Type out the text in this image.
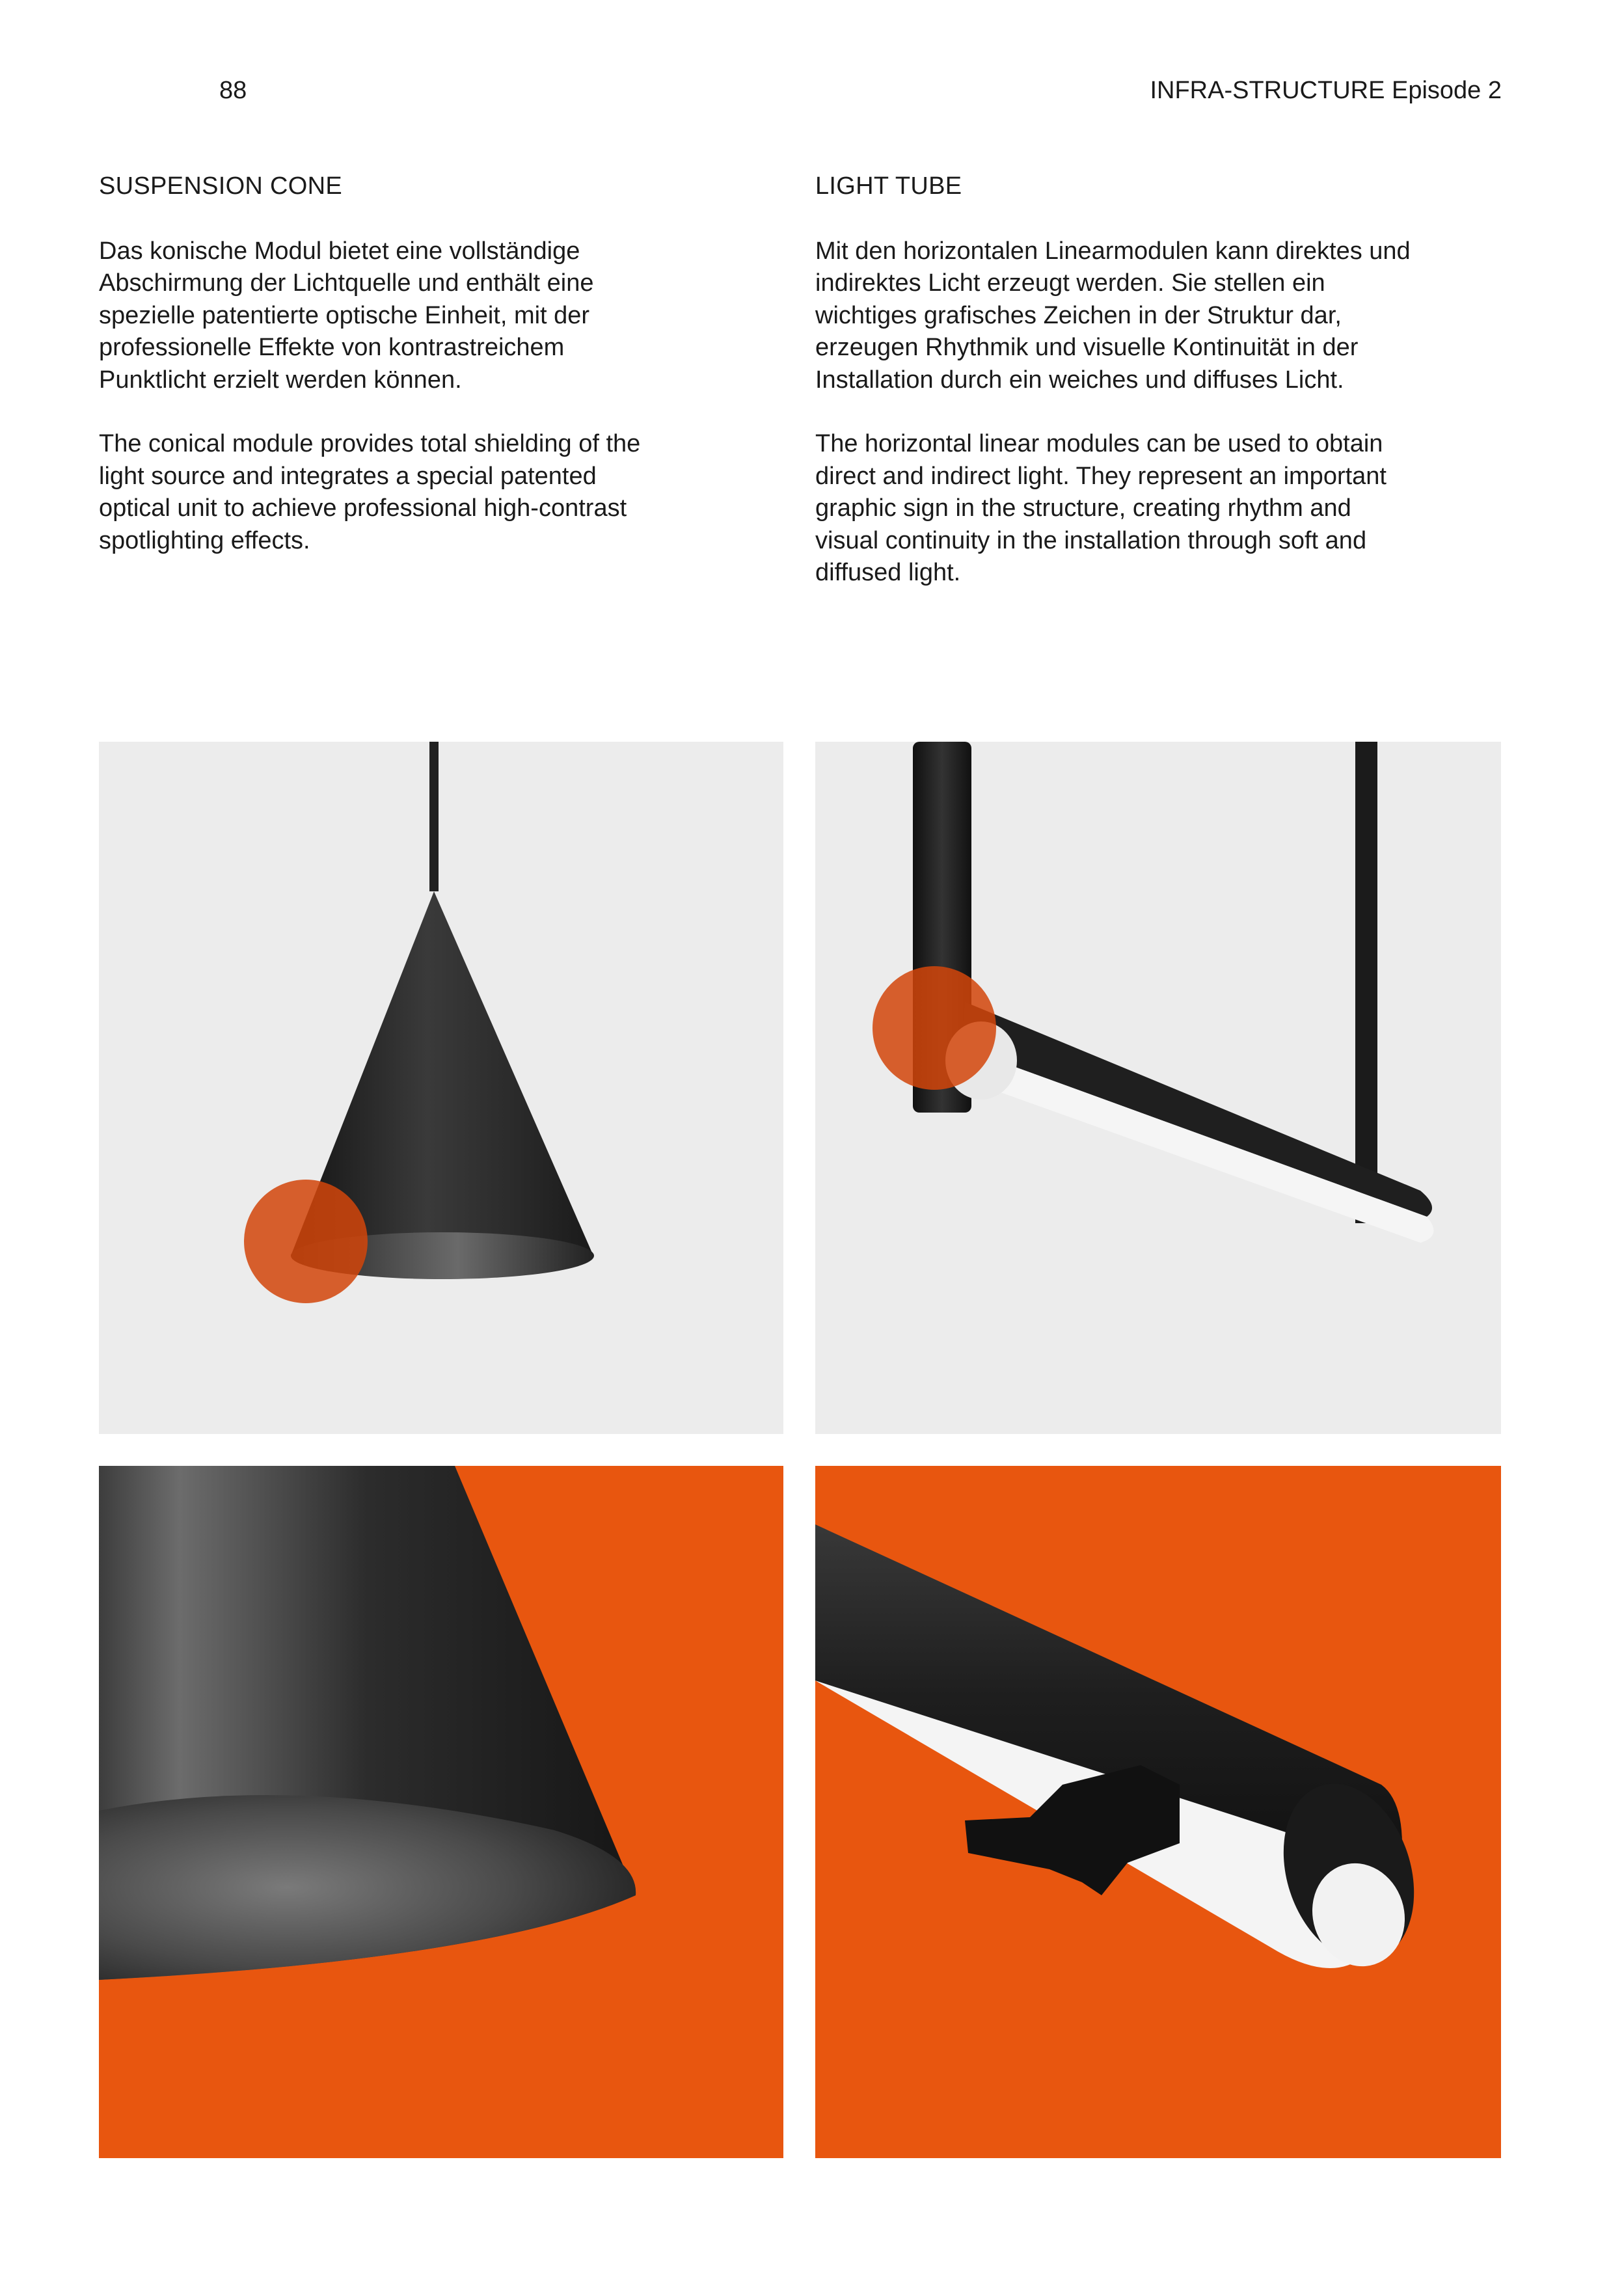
88	INFRA-STRUCTURE Episode 2
SUSPENSION CONE

Das konische Modul bietet eine vollständige Abschirmung der Lichtquelle und enthält eine spezielle patentierte optische Einheit, mit der professionelle Effekte von kontrastreichem Punktlicht erzielt werden können.

The conical module provides total shielding of the light source and integrates a special patented optical unit to achieve professional high-contrast spotlighting effects.

LIGHT TUBE

Mit den horizontalen Linearmodulen kann direktes und indirektes Licht erzeugt werden. Sie stellen ein wichtiges grafisches Zeichen in der Struktur dar, erzeugen Rhythmik und visuelle Kontinuität in der Installation durch ein weiches und diffuses Licht.

The horizontal linear modules can be used to obtain direct and indirect light. They represent an important graphic sign in the structure, creating rhythm and visual continuity in the installation through soft and diffused light.
